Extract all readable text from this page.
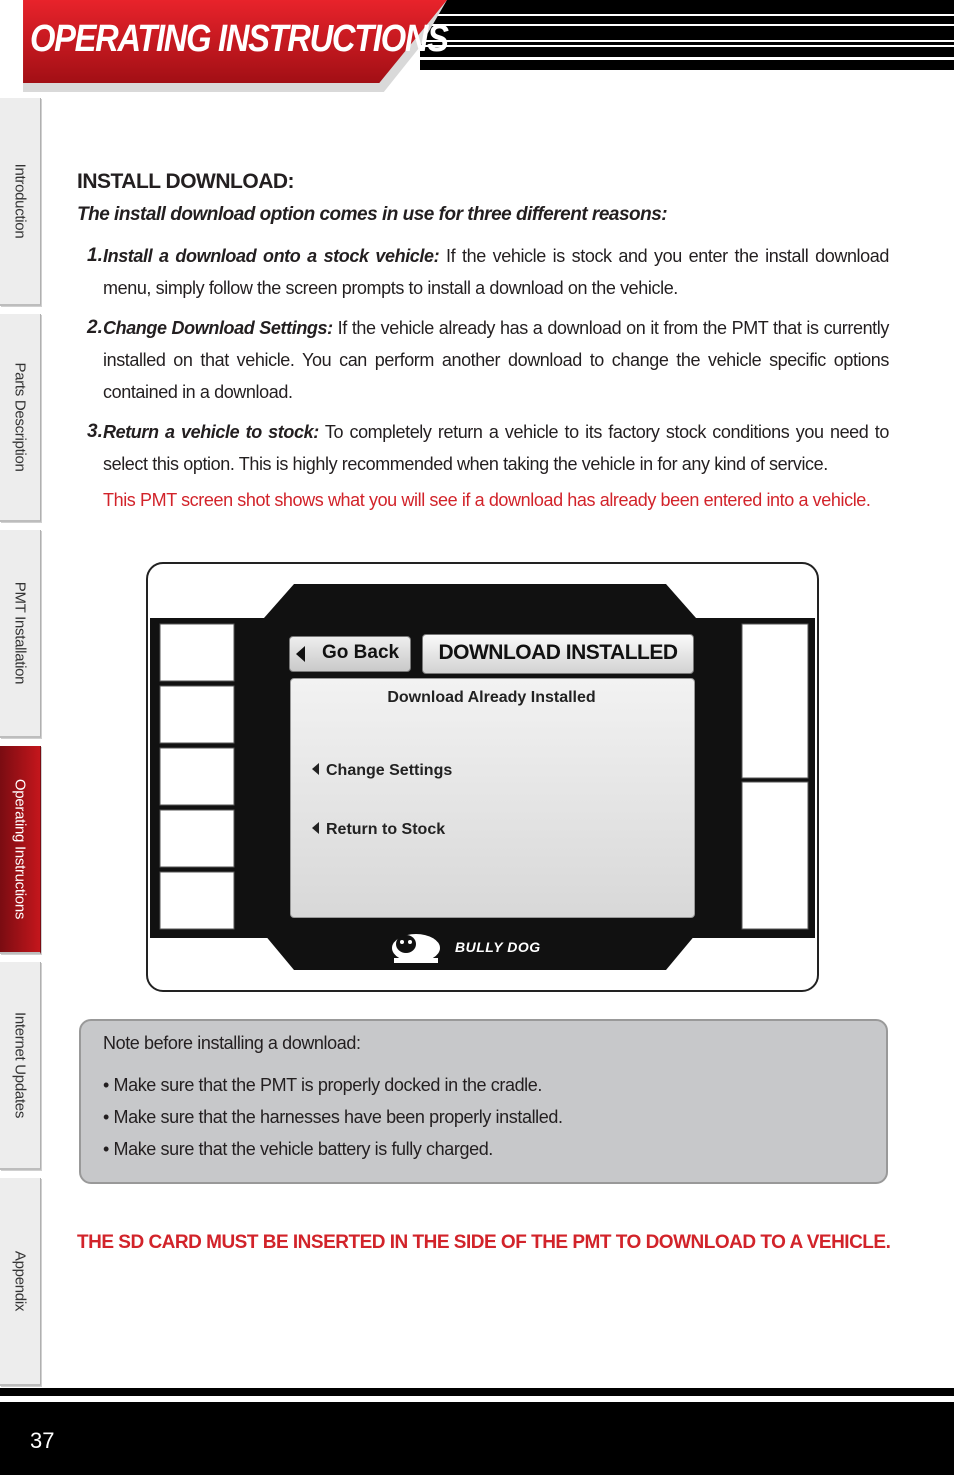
OPERATING INSTRUCTIONS
Introduction
Parts Description
PMT Installation
Operating Instructions
Internet Updates
Appendix
INSTALL DOWNLOAD:
The install download option comes in use for three different reasons:
1. Install a download onto a stock vehicle: If the vehicle is stock and you enter the install download menu, simply follow the screen prompts to install a download on the vehicle.
2. Change Download Settings: If the vehicle already has a download on it from the PMT that is currently installed on that vehicle. You can perform another download to change the vehicle specific options contained in a download.
3. Return a vehicle to stock: To completely return a vehicle to its factory stock conditions you need to select this option. This is highly recommended when taking the vehicle in for any kind of service.
This PMT screen shot shows what you will see if a download has already been entered into a vehicle.
BULLY DOG
Go Back	DOWNLOAD INSTALLED
Download Already Installed
Change Settings
Return to Stock
Note before installing a download:
• Make sure that the PMT is properly docked in the cradle.
• Make sure that the harnesses have been properly installed.
• Make sure that the vehicle battery is fully charged.
THE SD CARD MUST BE INSERTED IN THE SIDE OF THE PMT TO DOWNLOAD TO A VEHICLE.
37
